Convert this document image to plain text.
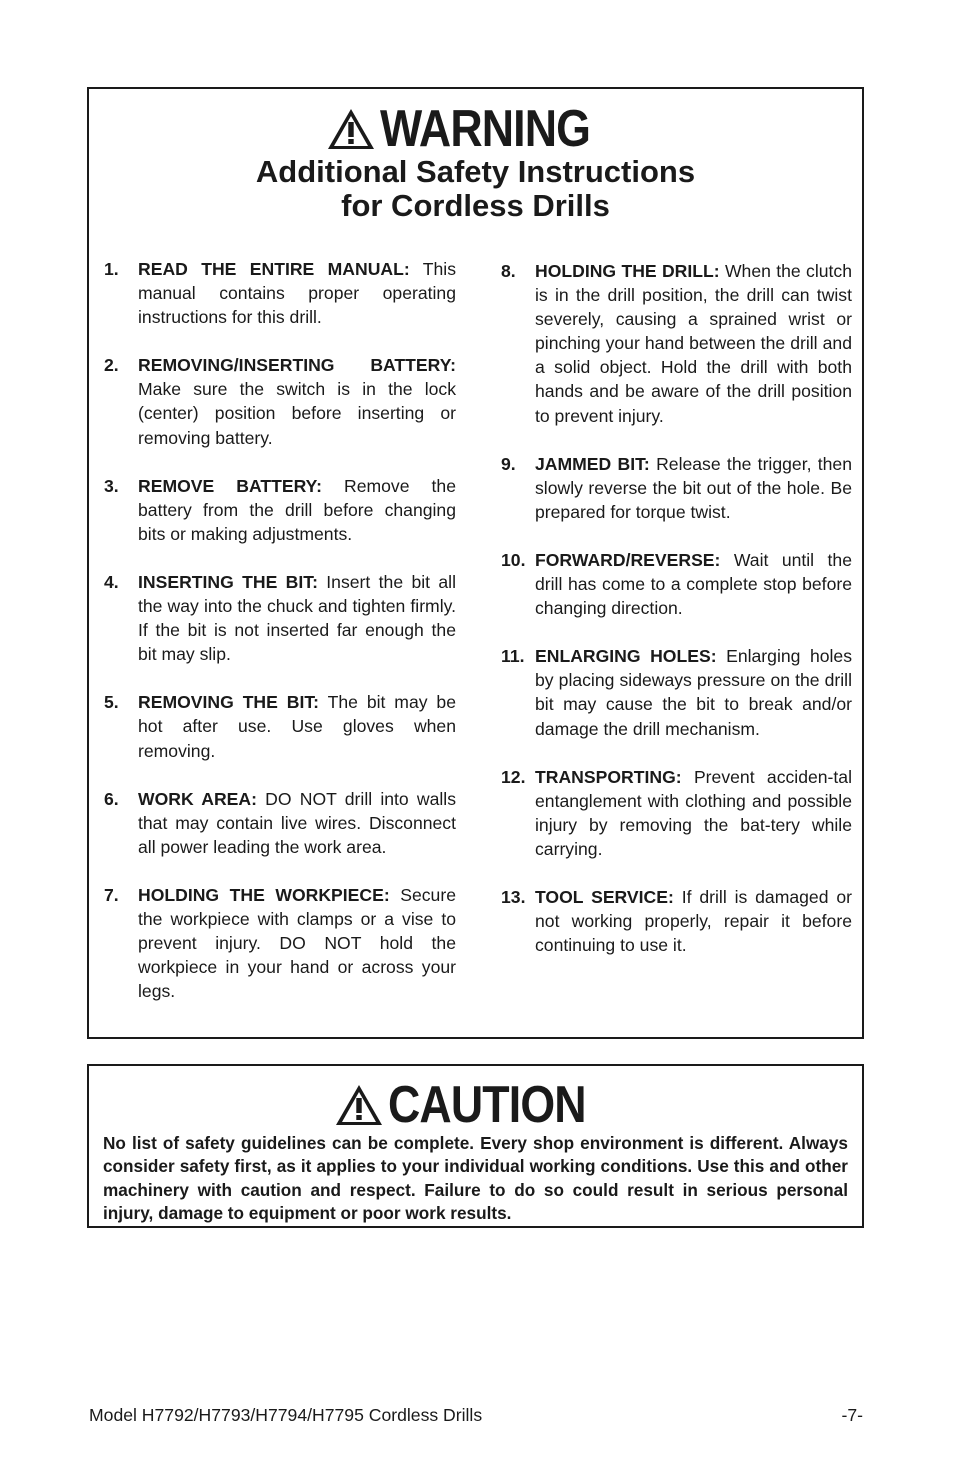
WARNING
Additional Safety Instructions
for Cordless Drills
1. READ THE ENTIRE MANUAL: This manual contains proper operating instructions for this drill.
2. REMOVING/INSERTING BATTERY: Make sure the switch is in the lock (center) position before inserting or removing battery.
3. REMOVE BATTERY: Remove the battery from the drill before changing bits or making adjustments.
4. INSERTING THE BIT: Insert the bit all the way into the chuck and tighten firmly. If the bit is not inserted far enough the bit may slip.
5. REMOVING THE BIT: The bit may be hot after use. Use gloves when removing.
6. WORK AREA: DO NOT drill into walls that may contain live wires. Disconnect all power leading the work area.
7. HOLDING THE WORKPIECE: Secure the workpiece with clamps or a vise to prevent injury. DO NOT hold the workpiece in your hand or across your legs.
8. HOLDING THE DRILL: When the clutch is in the drill position, the drill can twist severely, causing a sprained wrist or pinching your hand between the drill and a solid object. Hold the drill with both hands and be aware of the drill position to prevent injury.
9. JAMMED BIT: Release the trigger, then slowly reverse the bit out of the hole. Be prepared for torque twist.
10. FORWARD/REVERSE: Wait until the drill has come to a complete stop before changing direction.
11. ENLARGING HOLES: Enlarging holes by placing sideways pressure on the drill bit may cause the bit to break and/or damage the drill mechanism.
12. TRANSPORTING: Prevent acciden-tal entanglement with clothing and possible injury by removing the bat-tery while carrying.
13. TOOL SERVICE: If drill is damaged or not working properly, repair it before continuing to use it.
CAUTION
No list of safety guidelines can be complete. Every shop environment is different. Always consider safety first, as it applies to your individual working conditions. Use this and other machinery with caution and respect. Failure to do so could result in serious personal injury, damage to equipment or poor work results.
Model H7792/H7793/H7794/H7795 Cordless Drills	-7-
